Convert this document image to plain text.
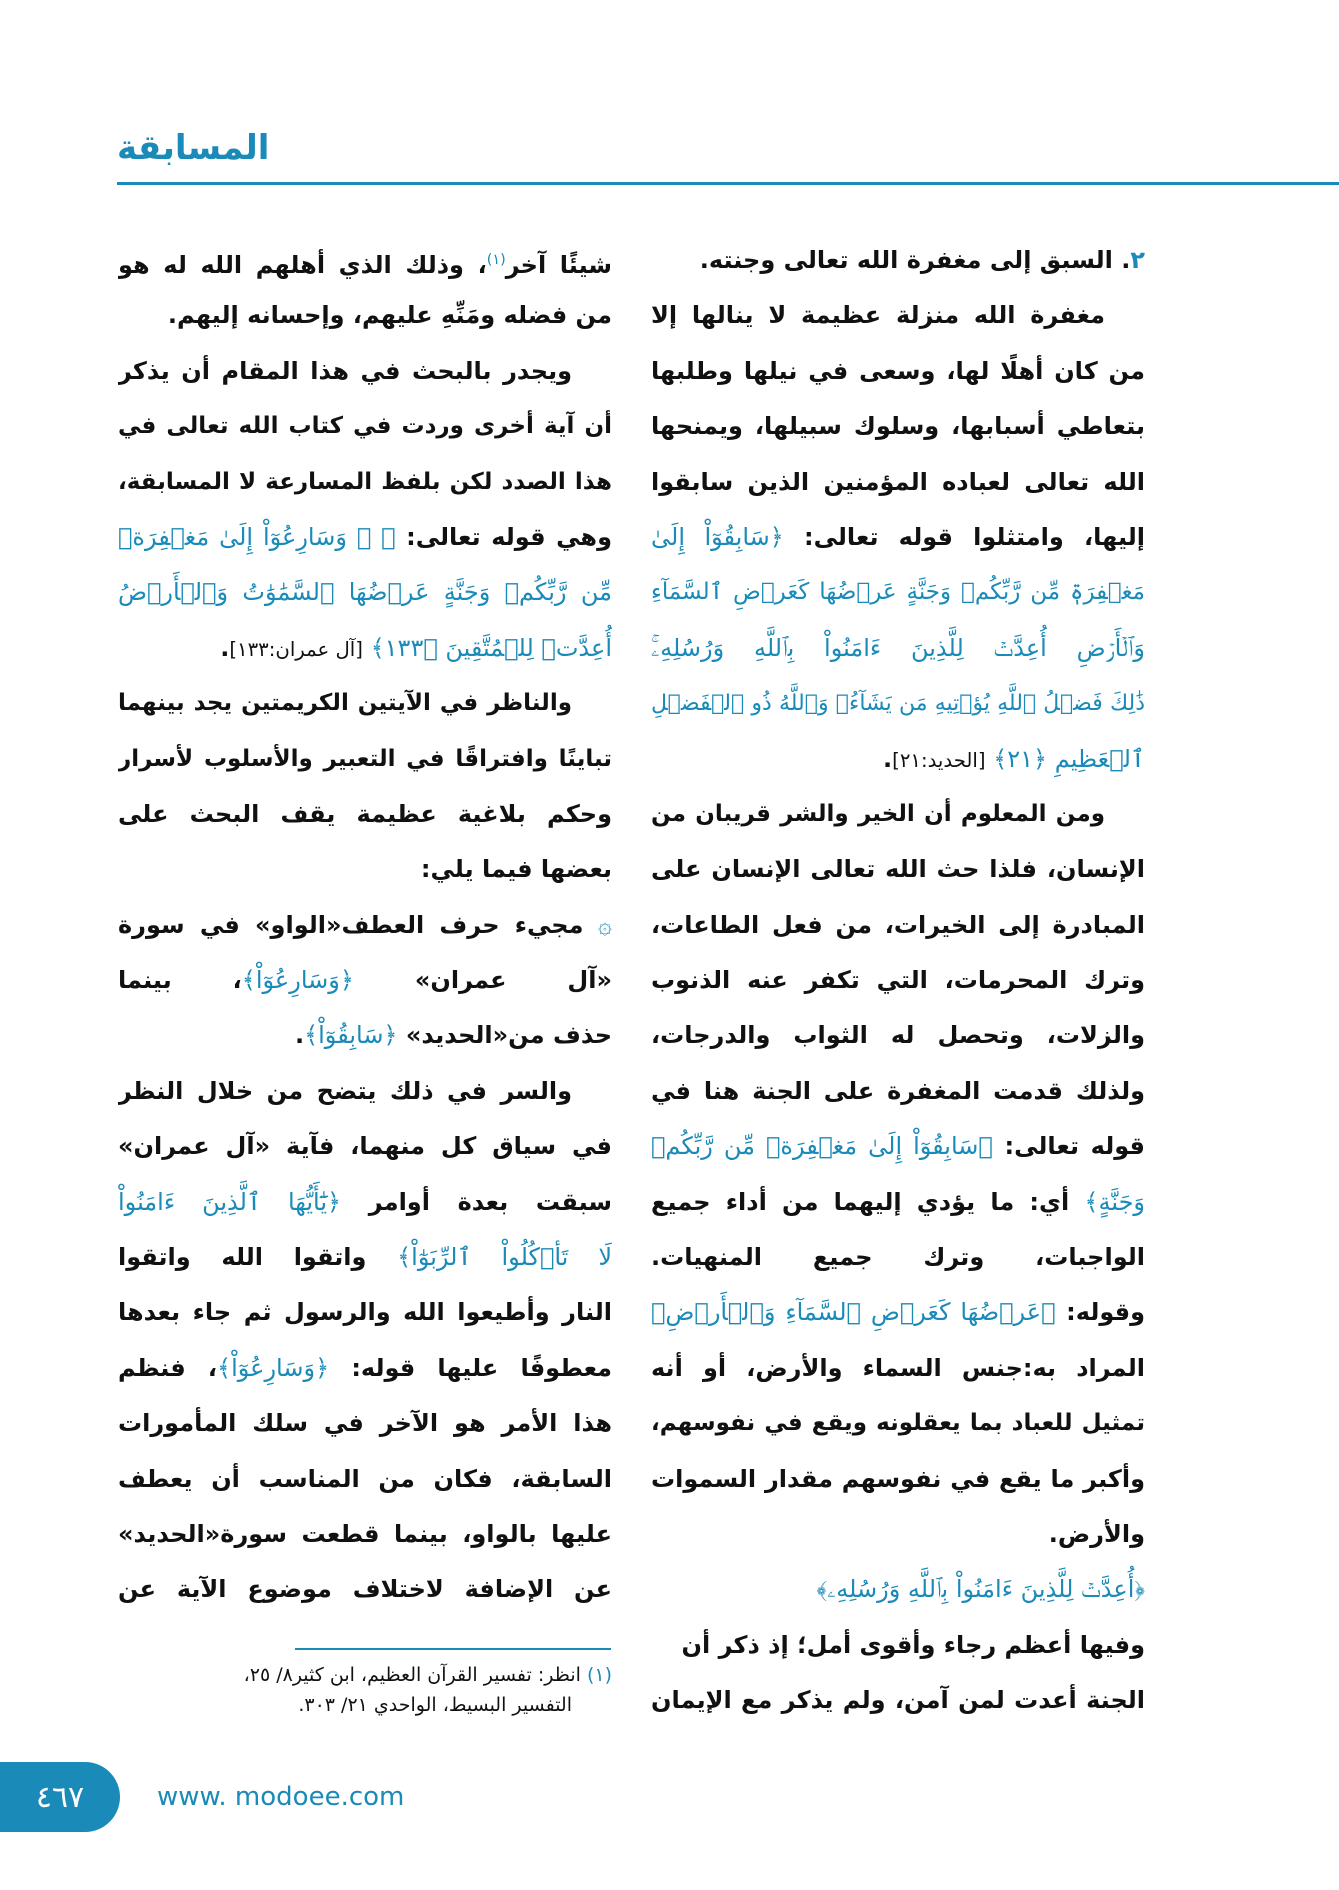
المسابقة
٢. السبق إلى مغفرة الله تعالى وجنته.
مغفرة الله منزلة عظيمة لا ينالها إلا
من كان أهلًا لها، وسعى في نيلها وطلبها
بتعاطي أسبابها، وسلوك سبيلها، ويمنحها
الله تعالى لعباده المؤمنين الذين سابقوا
إليها، وامتثلوا قوله تعالى: ﴿سَابِقُوٓاْ إِلَىٰ
مَغۡفِرَةٖ مِّن رَّبِّكُمۡ وَجَنَّةٍ عَرۡضُهَا كَعَرۡضِ ٱلسَّمَآءِ
وَٱلۡأَرۡضِ أُعِدَّتۡ لِلَّذِينَ ءَامَنُواْ بِٱللَّهِ وَرُسُلِهِۦۚ
ذَٰلِكَ فَضۡلُ ٱللَّهِ يُؤۡتِيهِ مَن يَشَآءُۚ وَٱللَّهُ ذُو ٱلۡفَضۡلِ
ٱلۡعَظِيمِ ﴿٢١﴾ [الحديد:٢١].
ومن المعلوم أن الخير والشر قريبان من
الإنسان، فلذا حث الله تعالى الإنسان على
المبادرة إلى الخيرات، من فعل الطاعات،
وترك المحرمات، التي تكفر عنه الذنوب
والزلات، وتحصل له الثواب والدرجات،
ولذلك قدمت المغفرة على الجنة هنا في
قوله تعالى: ﴿سَابِقُوٓاْ إِلَىٰ مَغۡفِرَةٖ مِّن رَّبِّكُمۡ
وَجَنَّةٍ﴾ أي: ما يؤدي إليهما من أداء جميع
الواجبات، وترك جميع المنهيات.
وقوله: ﴿عَرۡضُهَا كَعَرۡضِ ٱلسَّمَآءِ وَٱلۡأَرۡضِ﴾
المراد به:جنس السماء والأرض، أو أنه
تمثيل للعباد بما يعقلونه ويقع في نفوسهم،
وأكبر ما يقع في نفوسهم مقدار السموات
والأرض.
﴿أُعِدَّتۡ لِلَّذِينَ ءَامَنُواْ بِٱللَّهِ وَرُسُلِهِۦ﴾
وفيها أعظم رجاء وأقوى أمل؛ إذ ذكر أن
الجنة أعدت لمن آمن، ولم يذكر مع الإيمان
شيئًا آخر$^{(١)}$، وذلك الذي أهلهم الله له هو
من فضله ومَنِّهِ عليهم، وإحسانه إليهم.
ويجدر بالبحث في هذا المقام أن يذكر
أن آية أخرى وردت في كتاب الله تعالى في
هذا الصدد لكن بلفظ المسارعة لا المسابقة،
وهي قوله تعالى: ﴿ ۞ وَسَارِعُوٓاْ إِلَىٰ مَغۡفِرَةٖ
مِّن رَّبِّكُمۡ وَجَنَّةٍ عَرۡضُهَا ٱلسَّمَٰوَٰتُ وَٱلۡأَرۡضُ
أُعِدَّتۡ لِلۡمُتَّقِينَ ﴿١٣٣﴾ [آل عمران:١٣٣].
والناظر في الآيتين الكريمتين يجد بينهما
تباينًا وافتراقًا في التعبير والأسلوب لأسرار
وحكم بلاغية عظيمة يقف البحث على
بعضها فيما يلي:
۞ مجيء حرف العطف«الواو» في سورة
«آل عمران» ﴿وَسَارِعُوٓاْ﴾، بينما
حذف من«الحديد» ﴿سَابِقُوٓاْ﴾.
والسر في ذلك يتضح من خلال النظر
في سياق كل منهما، فآية «آل عمران»
سبقت بعدة أوامر ﴿يَٰٓأَيُّهَا ٱلَّذِينَ ءَامَنُواْ
لَا تَأۡكُلُواْ ٱلرِّبَوٰٓاْ﴾ واتقوا الله واتقوا
النار وأطيعوا الله والرسول ثم جاء بعدها
معطوفًا عليها قوله: ﴿وَسَارِعُوٓاْ﴾، فنظم
هذا الأمر هو الآخر في سلك المأمورات
السابقة، فكان من المناسب أن يعطف
عليها بالواو، بينما قطعت سورة«الحديد»
عن الإضافة لاختلاف موضوع الآية عن
(١) انظر: تفسير القرآن العظيم، ابن كثير٨/ ٢٥،
التفسير البسيط، الواحدي ٢١/ ٣٠٣.
٤٦٧	www. modoee.com
